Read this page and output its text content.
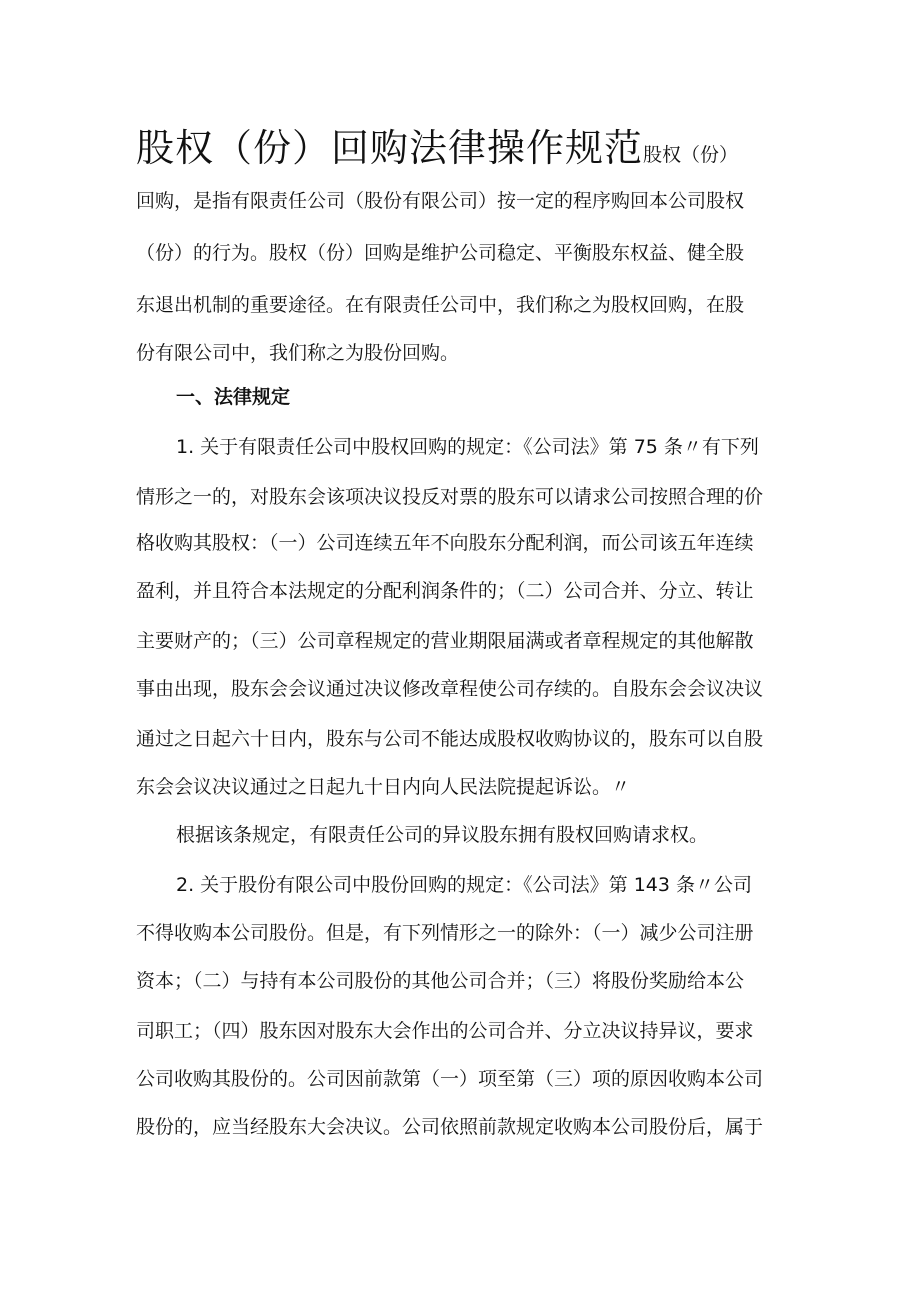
股权（份）回购法律操作规范股权（份）
回购，是指有限责任公司（股份有限公司）按一定的程序购回本公司股权
（份）的行为。股权（份）回购是维护公司稳定、平衡股东权益、健全股
东退出机制的重要途径。在有限责任公司中，我们称之为股权回购，在股
份有限公司中，我们称之为股份回购。
一、法律规定
1. 关于有限责任公司中股权回购的规定：《公司法》第 75 条〃有下列
情形之一的，对股东会该项决议投反对票的股东可以请求公司按照合理的价
格收购其股权：（一）公司连续五年不向股东分配利润，而公司该五年连续
盈利，并且符合本法规定的分配利润条件的；（二）公司合并、分立、转让
主要财产的；（三）公司章程规定的营业期限届满或者章程规定的其他解散
事由出现，股东会会议通过决议修改章程使公司存续的。自股东会会议决议
通过之日起六十日内，股东与公司不能达成股权收购协议的，股东可以自股
东会会议决议通过之日起九十日内向人民法院提起诉讼。〃
根据该条规定，有限责任公司的异议股东拥有股权回购请求权。
2. 关于股份有限公司中股份回购的规定：《公司法》第 143 条〃公司
不得收购本公司股份。但是，有下列情形之一的除外：（一）减少公司注册
资本；（二）与持有本公司股份的其他公司合并；（三）将股份奖励给本公
司职工；（四）股东因对股东大会作出的公司合并、分立决议持异议，要求
公司收购其股份的。公司因前款第（一）项至第（三）项的原因收购本公司
股份的，应当经股东大会决议。公司依照前款规定收购本公司股份后，属于
